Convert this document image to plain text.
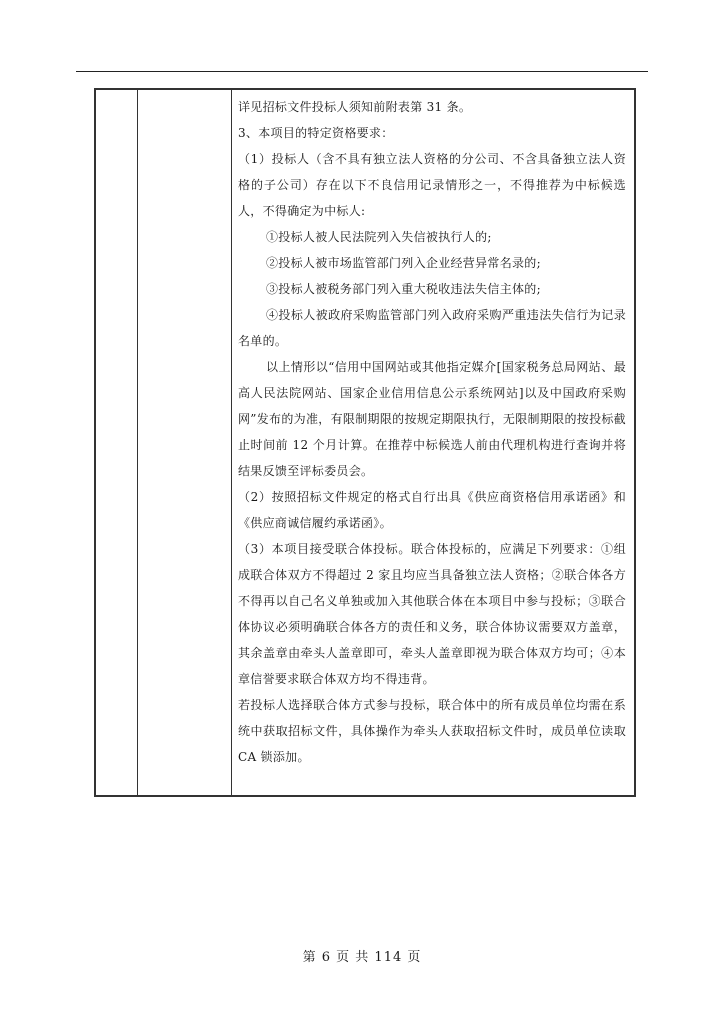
详见招标文件投标人须知前附表第 31 条。

3、本项目的特定资格要求：

（1）投标人（含不具有独立法人资格的分公司、不含具备独立法人资格的子公司）存在以下不良信用记录情形之一，不得推荐为中标候选人，不得确定为中标人:

①投标人被人民法院列入失信被执行人的;

②投标人被市场监管部门列入企业经营异常名录的;

③投标人被税务部门列入重大税收违法失信主体的;

④投标人被政府采购监管部门列入政府采购严重违法失信行为记录名单的。

以上情形以“信用中国网站或其他指定媒介[国家税务总局网站、最高人民法院网站、国家企业信用信息公示系统网站]以及中国政府采购网”发布的为准，有限制期限的按规定期限执行，无限制期限的按投标截止时间前 12 个月计算。在推荐中标候选人前由代理机构进行查询并将结果反馈至评标委员会。

（2）按照招标文件规定的格式自行出具《供应商资格信用承诺函》和《供应商诚信履约承诺函》。

（3）本项目接受联合体投标。联合体投标的，应满足下列要求：①组成联合体双方不得超过 2 家且均应当具备独立法人资格；②联合体各方不得再以自己名义单独或加入其他联合体在本项目中参与投标；③联合体协议必须明确联合体各方的责任和义务，联合体协议需要双方盖章，其余盖章由牵头人盖章即可，牵头人盖章即视为联合体双方均可；④本章信誉要求联合体双方均不得违背。

若投标人选择联合体方式参与投标，联合体中的所有成员单位均需在系统中获取招标文件，具体操作为牵头人获取招标文件时，成员单位读取CA 锁添加。

第 6 页 共 114 页
